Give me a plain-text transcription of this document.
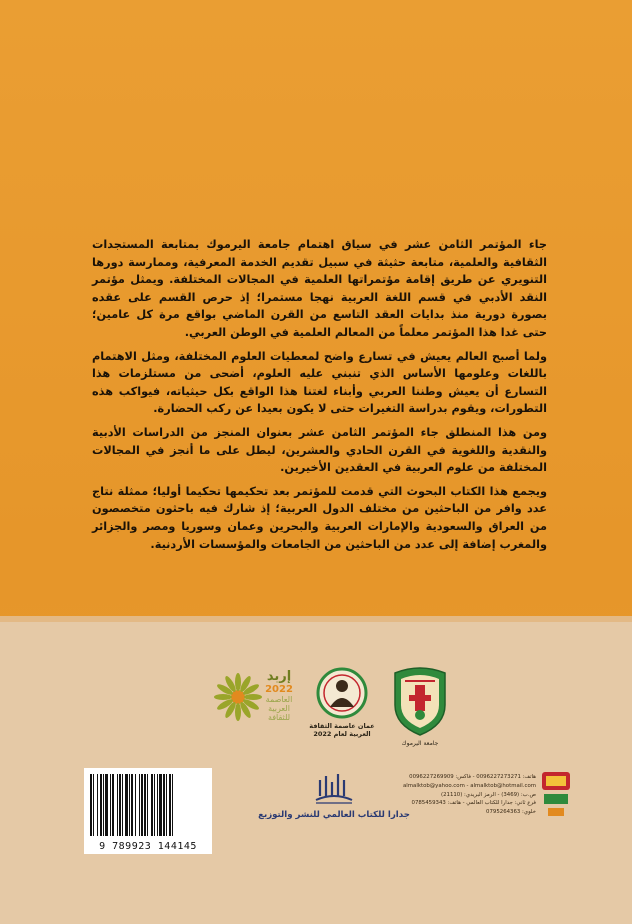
جاء المؤتمر الثامن عشر في سياق اهتمام جامعة اليرموك بمتابعة المستجدات الثقافية والعلمية، متابعة حثيثة في سبيل تقديم الخدمة المعرفية، وممارسة دورها التنويري عن طريق إقامة مؤتمراتها العلمية في المجالات المختلفة. ويمثل مؤتمر النقد الأدبي في قسم اللغة العربية نهجا مستمرا؛ إذ حرص القسم على عقده بصورة دورية منذ بدايات العقد التاسع من القرن الماضي بواقع مرة كل عامين؛ حتى غدا هذا المؤتمر معلماً من المعالم العلمية في الوطن العربي.

ولما أصبح العالم يعيش في تسارع واضح لمعطيات العلوم المختلفة، ومثل الاهتمام باللغات وعلومها الأساس الذي تنبني عليه العلوم، أضحى من مستلزمات هذا التسارع أن يعيش وطننا العربي وأبناء لغتنا هذا الواقع بكل حيثياته، فيواكب هذه التطورات، ويقوم بدراسة التغيرات حتى لا يكون بعيدا عن ركب الحضارة.

ومن هذا المنطلق جاء المؤتمر الثامن عشر بعنوان المنجز من الدراسات الأدبية والنقدية واللغوية في القرن الحادي والعشرين، ليطل على ما أنجز في المجالات المختلفة من علوم العربية في العقدين الأخيرين.

ويجمع هذا الكتاب البحوث التي قدمت للمؤتمر بعد تحكيمها تحكيما أوليا؛ ممثلة نتاج عدد وافر من الباحثين من مختلف الدول العربية؛ إذ شارك فيه باحثون متخصصون من العراق والسعودية والإمارات العربية والبحرين وعمان وسوريا ومصر والجزائر والمغرب إضافة إلى عدد من الباحثين من الجامعات والمؤسسات الأردنية.

جامعة اليرموك
عمان عاصمة الثقافة العربية لعام 2022
إربد
2022
العاصمة
العربية
للثقافة
9 789923 144145
جدارا للكتاب العالمي للنشر والتوزيع
هاتف: 0096227273271 - فاكس: 0096227269909
almalktob@yahoo.com - almalktob@hotmail.com
ص.ب: (3469) - الرمز البريدي: (21110)
فرع ثاني: جدارا للكتاب العالمي - هاتف: 0785459343
خلوي: 0795264363
